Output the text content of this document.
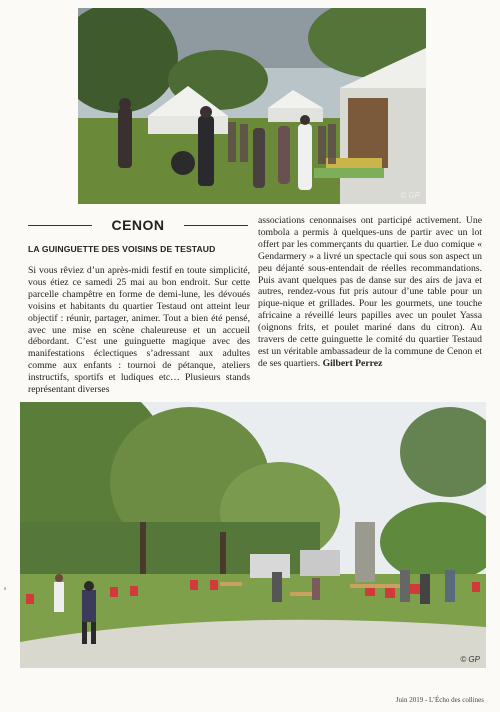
© GP
CENON
LA GUINGUETTE DES VOISINS DE TESTAUD

Si vous rêviez d’un après-midi festif en toute simplicité, vous étiez ce samedi 25 mai au bon endroit. Sur cette parcelle champêtre en forme de demi-lune, les dévoués voisins et habitants du quartier Testaud ont atteint leur objectif : réunir, partager, animer. Tout a bien été pensé, avec une mise en scène chaleureuse et un accueil débordant. C’est une guinguette magique avec des manifestations éclectiques s’adressant aux adultes comme aux enfants : tournoi de pétanque, ateliers instructifs, sportifs et ludiques etc… Plusieurs stands représentant diverses

associations cenonnaises ont participé activement. Une tombola a permis à quelques-uns de partir avec un lot offert par les commerçants du quartier. Le duo comique « Gendarmery » a livré un spectacle qui sous son aspect un peu déjanté sous-entendait de réelles recommandations. Puis avant quelques pas de danse sur des airs de java et autres, rendez-vous fut pris autour d’une table pour un pique-nique et grillades. Pour les gourmets, une touche africaine a réveillé leurs papilles avec un poulet Yassa (oignons frits, et poulet mariné dans du citron). Au travers de cette guinguette le comité du quartier Testaud est un véritable ambassadeur de la commune de Cenon et de ses quartiers. Gilbert Perrez

© GP
s
Juin 2019 - L’Écho des collines
